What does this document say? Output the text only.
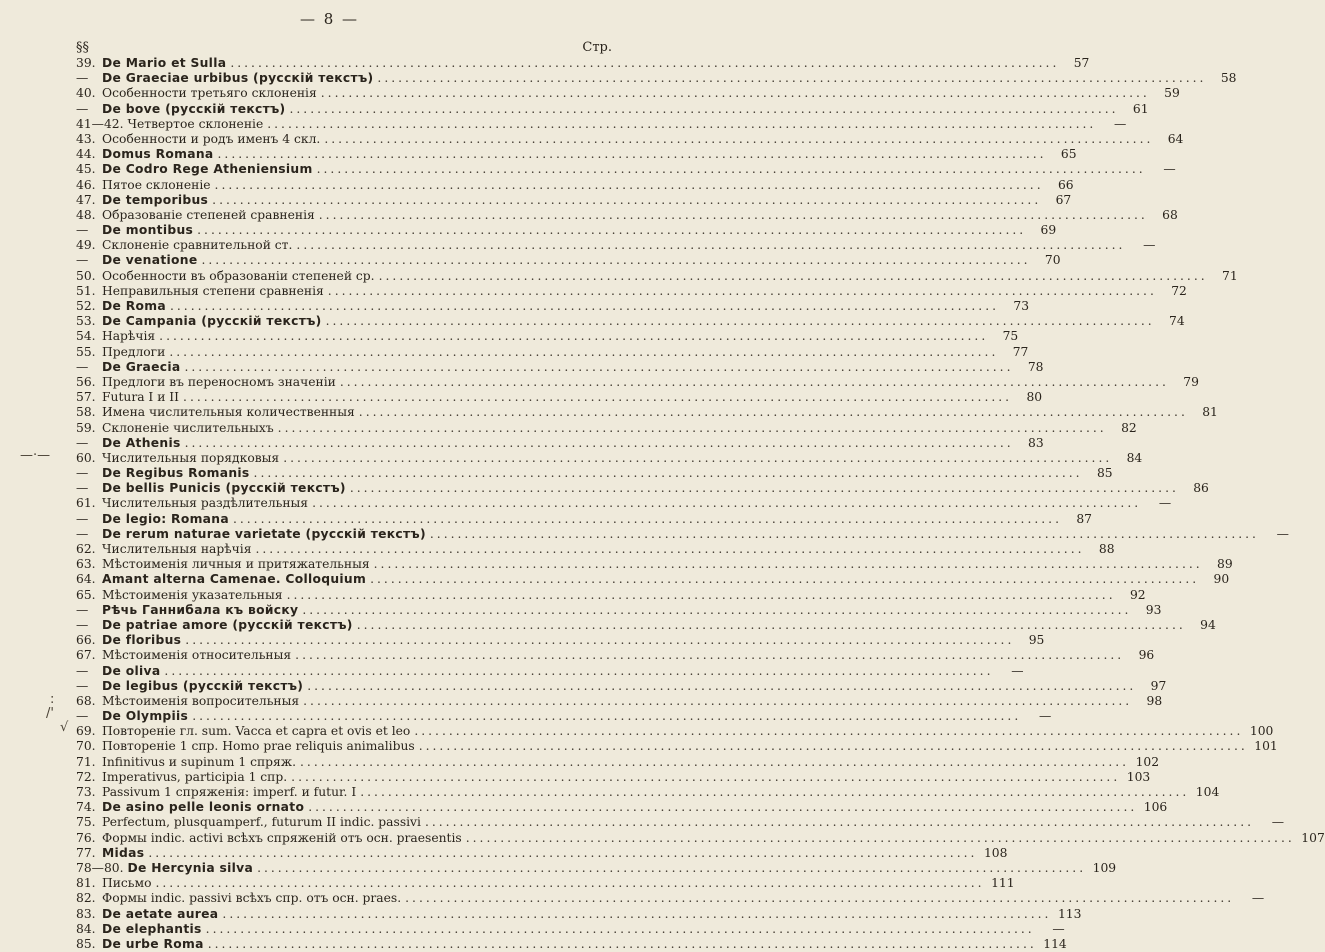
— 8 —
§§	Стр.
39. De Mario et Sulla ........................................................................................................................	57
—	De Graeciae urbibus (русскій текстъ) ........................................................................................................................	58
40. Особенности третьяго склоненія ........................................................................................................................	59
—	De bove (русскій текстъ) ........................................................................................................................	61
41—42. Четвертое склоненіе ........................................................................................................................	—
43. Особенности и родъ именъ 4 скл. ........................................................................................................................	64
44. Domus Romana ........................................................................................................................	65
45. De Codro Rege Atheniensium ........................................................................................................................	—
46. Пятое склоненіе ........................................................................................................................	66
47. De temporibus ........................................................................................................................	67
48. Образованіе степеней сравненія ........................................................................................................................	68
—	De montibus ........................................................................................................................	69
49. Склоненіе сравнительной ст. ........................................................................................................................	—
—	De venatione ........................................................................................................................	70
50. Особенности въ образованіи степеней ср. ........................................................................................................................	71
51. Неправильныя степени сравненія ........................................................................................................................	72
52. De Roma ........................................................................................................................	73
53. De Campania (русскій текстъ) ........................................................................................................................	74
54. Нарѣчія ........................................................................................................................	75
55. Предлоги ........................................................................................................................	77
—	De Graecia ........................................................................................................................	78
56. Предлоги въ переносномъ значеніи ........................................................................................................................	79
57. Futura I и II ........................................................................................................................	80
58. Имена числительныя количественныя ........................................................................................................................	81
59. Склоненіе числительныхъ ........................................................................................................................	82
—	De Athenis ........................................................................................................................	83
60. Числительныя порядковыя ........................................................................................................................	84
—	De Regibus Romanis ........................................................................................................................	85
—	De bellis Punicis (русскій текстъ) ........................................................................................................................	86
61. Числительныя раздѣлительныя ........................................................................................................................	—
—	De legio: Romana ........................................................................................................................	87
—	De rerum naturae varietate (русскій текстъ) ........................................................................................................................	—
62. Числительныя нарѣчія ........................................................................................................................	88
63. Мѣстоименія личныя и притяжательныя ........................................................................................................................	89
64. Amant alterna Camenae. Colloquium ........................................................................................................................	90
65. Мѣстоименія указательныя ........................................................................................................................	92
—	Рѣчь Ганнибала къ войску ........................................................................................................................	93
—	De patriae amore (русскій текстъ) ........................................................................................................................	94
66. De floribus ........................................................................................................................	95
67. Мѣстоименія относительныя ........................................................................................................................	96
—	De oliva ........................................................................................................................	—
—	De legibus (русскій текстъ) ........................................................................................................................	97
68. Мѣстоименія вопросительныя ........................................................................................................................	98
—	De Olympiis ........................................................................................................................	—
69. Повтореніе гл. sum. Vacca et capra et ovis et leo ........................................................................................................................ 100
70. Повтореніе 1 спр. Homo prae reliquis animalibus ........................................................................................................................ 101
71. Infinitivus и supinum 1 спряж. ........................................................................................................................ 102
72. Imperativus, participia 1 спр. ........................................................................................................................ 103
73. Passivum 1 спряженія: imperf. и futur. I ........................................................................................................................ 104
74. De asino pelle leonis ornato ........................................................................................................................ 106
75. Perfectum, plusquamperf., futurum II indic. passivi ........................................................................................................................	—
76. Формы indic. activi всѣхъ спряженій отъ осн. praesentis ........................................................................................................................ 107
77. Midas ........................................................................................................................ 108
78—80. De Hercynia silva ........................................................................................................................ 109
81. Письмо ........................................................................................................................ 111
82. Формы indic. passivi всѣхъ спр. отъ осн. praes. ........................................................................................................................	—
83. De aetate aurea ........................................................................................................................ 113
84. De elephantis ........................................................................................................................	—
85. De urbe Roma ........................................................................................................................ 114
—·—
:
/'
√
